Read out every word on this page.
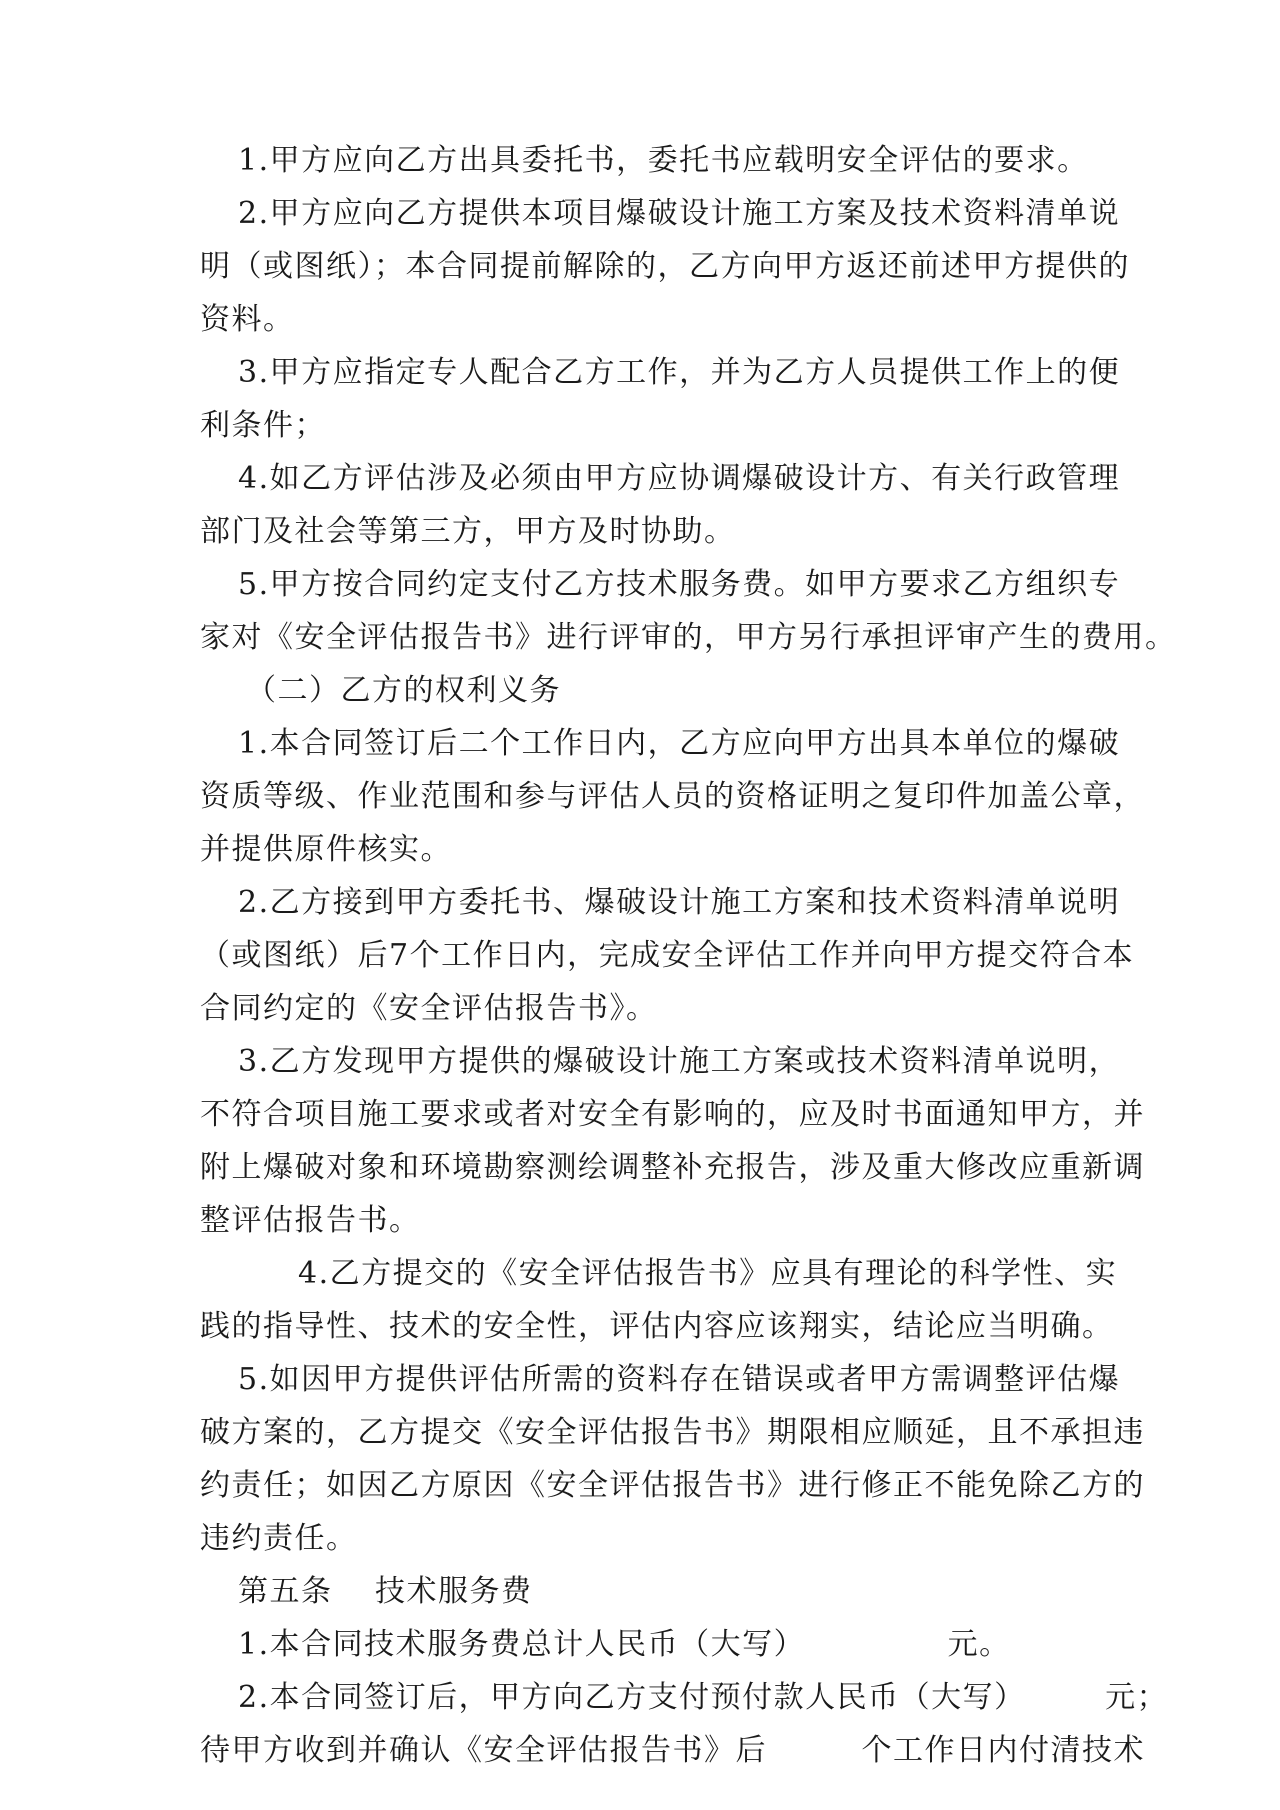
1.甲方应向乙方出具委托书，委托书应载明安全评估的要求。
2.甲方应向乙方提供本项目爆破设计施工方案及技术资料清单说
明（或图纸）；本合同提前解除的，乙方向甲方返还前述甲方提供的
资料。
3.甲方应指定专人配合乙方工作，并为乙方人员提供工作上的便
利条件；
4.如乙方评估涉及必须由甲方应协调爆破设计方、有关行政管理
部门及社会等第三方，甲方及时协助。
5.甲方按合同约定支付乙方技术服务费。如甲方要求乙方组织专
家对《安全评估报告书》进行评审的，甲方另行承担评审产生的费用。
（二）乙方的权利义务
1.本合同签订后二个工作日内，乙方应向甲方出具本单位的爆破
资质等级、作业范围和参与评估人员的资格证明之复印件加盖公章，
并提供原件核实。
2.乙方接到甲方委托书、爆破设计施工方案和技术资料清单说明
（或图纸）后7个工作日内，完成安全评估工作并向甲方提交符合本
合同约定的《安全评估报告书》。
3.乙方发现甲方提供的爆破设计施工方案或技术资料清单说明，
不符合项目施工要求或者对安全有影响的，应及时书面通知甲方，并
附上爆破对象和环境勘察测绘调整补充报告，涉及重大修改应重新调
整评估报告书。
4.乙方提交的《安全评估报告书》应具有理论的科学性、实
践的指导性、技术的安全性，评估内容应该翔实，结论应当明确。
5.如因甲方提供评估所需的资料存在错误或者甲方需调整评估爆
破方案的，乙方提交《安全评估报告书》期限相应顺延，且不承担违
约责任；如因乙方原因《安全评估报告书》进行修正不能免除乙方的
违约责任。
第五条　 技术服务费
1.本合同技术服务费总计人民币（大写）　　　　　元。
2.本合同签订后，甲方向乙方支付预付款人民币（大写）　　　元；
待甲方收到并确认《安全评估报告书》后　　　个工作日内付清技术
